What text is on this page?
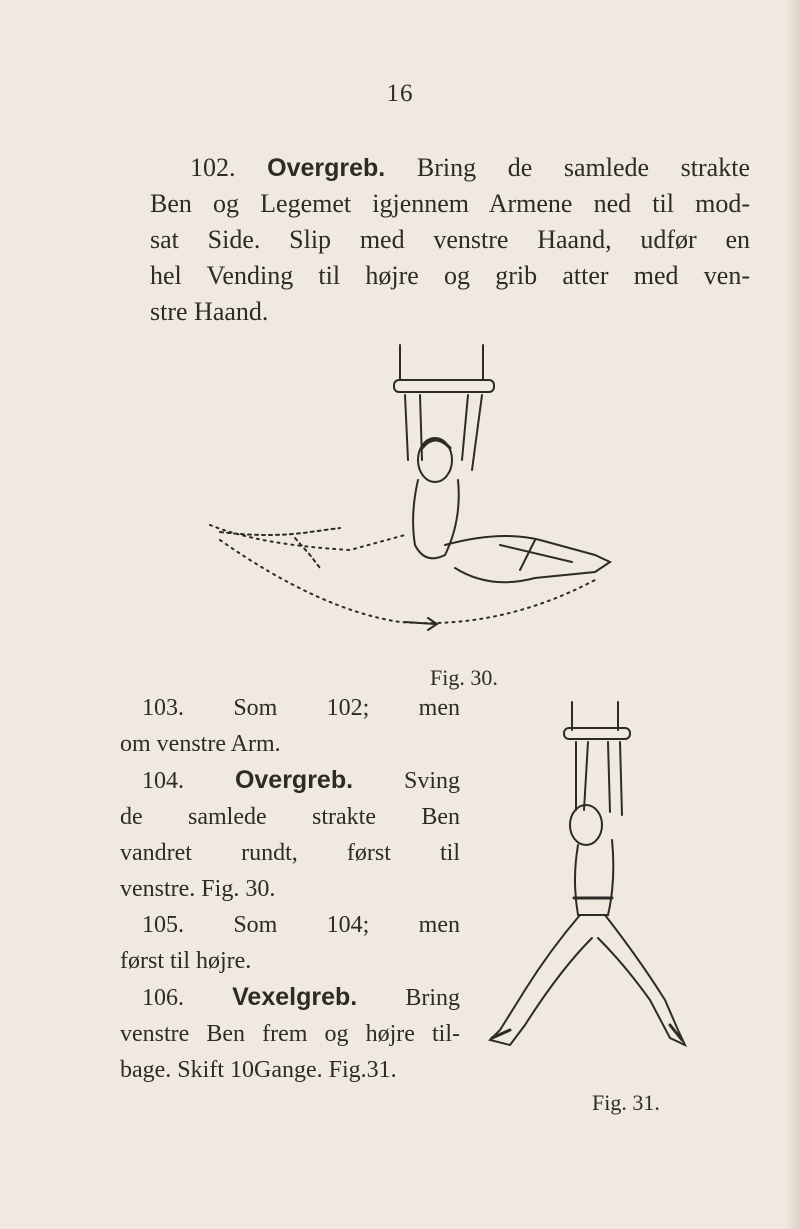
16
102. Overgreb. Bring de samlede strakte
Ben og Legemet igjennem Armene ned til mod-
sat Side. Slip med venstre Haand, udfør en
hel Vending til højre og grib atter med ven-
stre Haand.
Fig. 30.
103. Som 102; men
om venstre Arm.
104. Overgreb. Sving
de samlede strakte Ben
vandret rundt, først til
venstre. Fig. 30.
105. Som 104; men
først til højre.
106. Vexelgreb. Bring
venstre Ben frem og højre til-
bage. Skift 10Gange. Fig.31.
Fig. 31.
